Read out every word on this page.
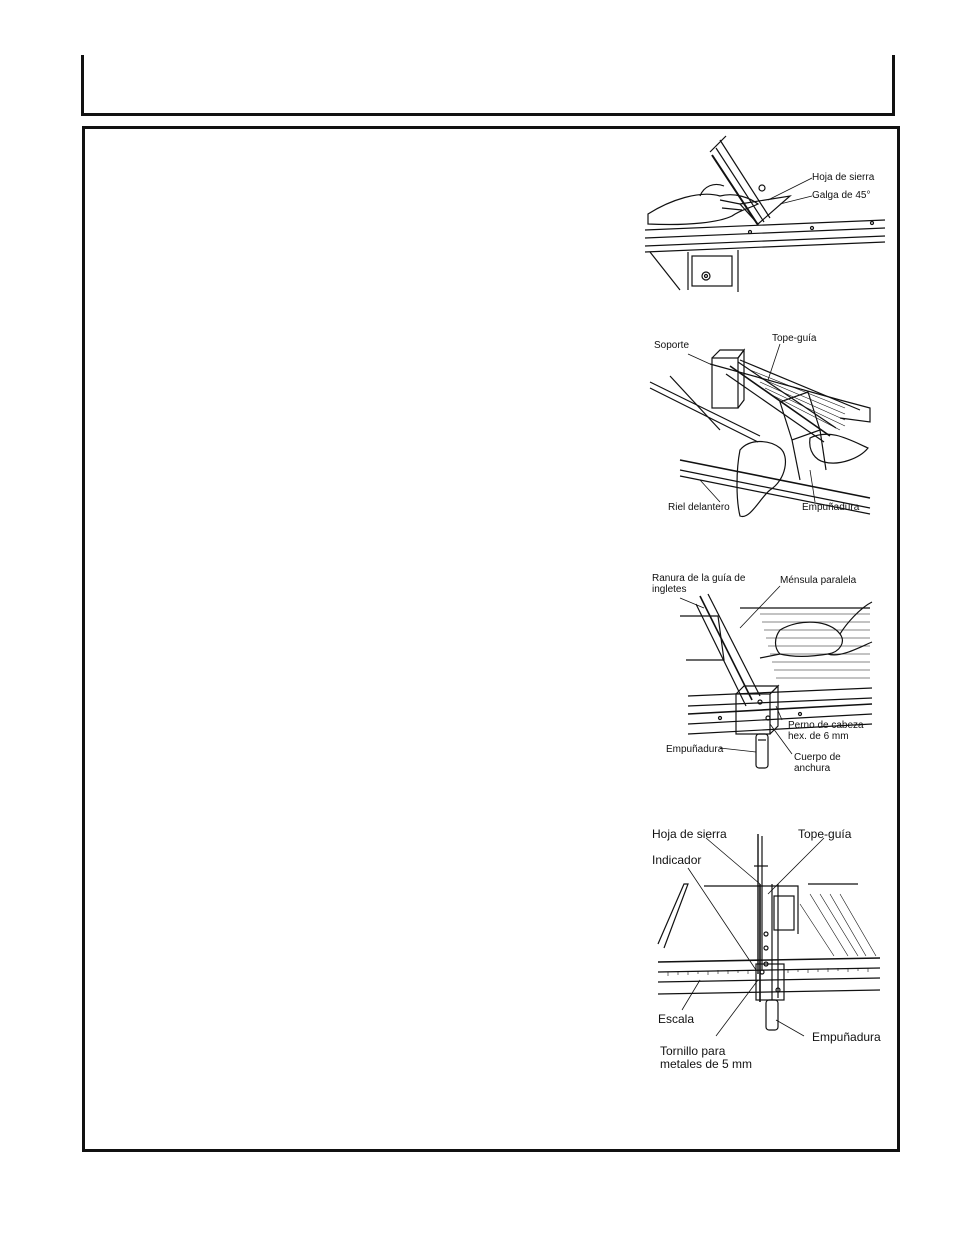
Hoja de sierra
Galga de 45°
Soporte
Tope-guía
Riel delantero	Empuñadura
Ranura de la guía de
ingletes
Ménsula paralela
Perno de cabeza
hex. de 6 mm
Empuñadura
Cuerpo de
anchura
Hoja de sierra	Tope-guía
Indicador
Escala
Empuñadura
Tornillo para
metales de 5 mm
